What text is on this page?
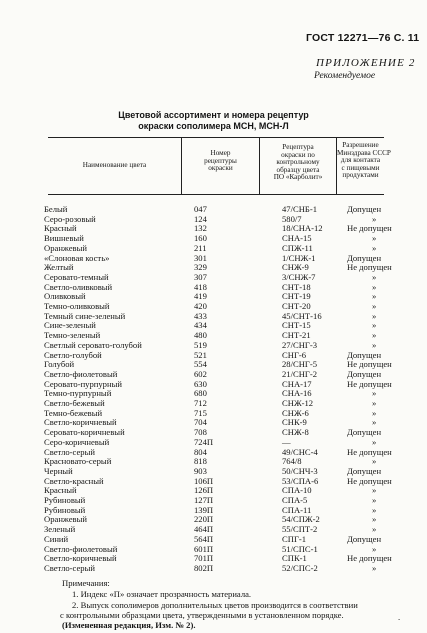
ГОСТ 12271—76 С. 11
ПРИЛОЖЕНИЕ 2
Рекомендуемое
Цветовой ассортимент и номера рецептур
окраски сополимера МСН, МСН-Л
Наименование цвета
Номер
рецептуры
окраски
Рецептура
окраски по
контрольному
образцу цвета
ПО «Карболит»
Разрешение
Минздрава СССР
для контакта
с пищевыми
продуктами
Белый	047	47/СНБ-1	Допущен
Серо-розовый	124	580/7	»
Красный	132	18/СНА-12	Не допущен
Вишневый	160	СНА-15	»
Оранжевый	211	СПЖ-11	»
«Слоновая кость»	301	1/СНЖ-1	Допущен
Желтый	329	СНЖ-9	Не допущен
Серовато-темный	307	3/СНЖ-7	»
Светло-оливковый	418	СНТ-18	»
Оливковый	419	СНТ-19	»
Темно-оливковый	420	СНТ-20	»
Темный сине-зеленый	433	45/СНТ-16	»
Сине-зеленый	434	СНТ-15	»
Темно-зеленый	480	СНТ-21	»
Светлый серовато-голубой	519	27/СНГ-3	»
Светло-голубой	521	СНГ-6	Допущен
Голубой	554	28/СНГ-5	Не допущен
Светло-фиолетовый	602	21/СНГ-2	Допущен
Серовато-пурпурный	630	СНА-17	Не допущен
Темно-пурпурный	680	СНА-16	»
Светло-бежевый	712	СНЖ-12	»
Темно-бежевый	715	СНЖ-6	»
Светло-коричневый	704	СНК-9	»
Серовато-коричневый	708	СНЖ-8	Допущен
Серо-коричневый	724П	—	»
Светло-серый	804	49/СНС-4	Не допущен
Красновато-серый	818	764/8	»
Черный	903	50/СНЧ-3	Допущен
Светло-красный	106П	53/СПА-6	Не допущен
Красный	126П	СПА-10	»
Рубиновый	127П	СПА-5	»
Рубиновый	139П	СПА-11	»
Оранжевый	220П	54/СПЖ-2	»
Зеленый	464П	55/СПТ-2	»
Синий	564П	СПГ-1	Допущен
Светло-фиолетовый	601П	51/СПС-1	»
Светло-коричневый	701П	СПК-1	Не допущен
Светло-серый	802П	52/СПС-2	»
Примечания:
1. Индекс «П» означает прозрачность материала.
2. Выпуск сополимеров дополнительных цветов производится в соответствии
с контрольными образцами цвета, утвержденными в установленном порядке.
(Измененная редакция, Изм. № 2).
.
